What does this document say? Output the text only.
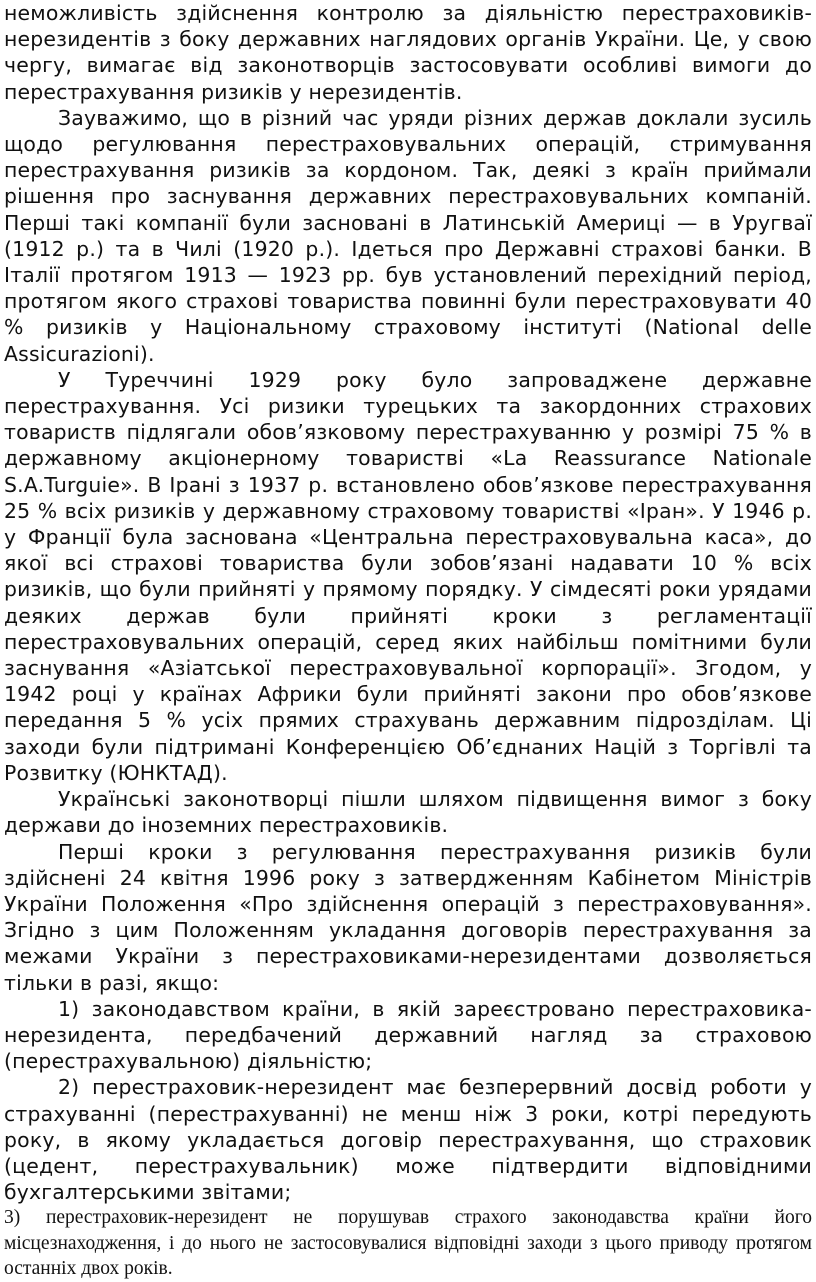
неможливість здійснення контролю за діяльністю перестраховиків-нерезидентів з боку державних наглядових органів України. Це, у свою чергу, вимагає від законотворців застосовувати особливі вимоги до перестрахування ризиків у нерезидентів.

Зауважимо, що в різний час уряди різних держав доклали зусиль щодо регулювання перестраховувальних операцій, стримування перестрахування ризиків за кордоном. Так, деякі з країн приймали рішення про заснування державних перестраховувальних компаній. Перші такі компанії були засновані в Латинській Америці — в Уругваї (1912 р.) та в Чилі (1920 р.). Ідеться про Державні страхові банки. В Італії протягом 1913 — 1923 рр. був установлений перехідний період, протягом якого страхові товариства повинні були перестраховувати 40 % ризиків у Національному страховому інституті (National delle Assicurazioni).

У Туреччині 1929 року було запроваджене державне перестрахування. Усі ризики турецьких та закордонних страхових товариств підлягали обов’язковому перестрахуванню у розмірі 75 % в державному акціонерному товаристві «La Reassurance Nationale S.A.Turguie». В Ірані з 1937 р. встановлено обов’язкове перестрахування 25 % всіх ризиків у державному страховому товаристві «Іран». У 1946 р. у Франції була заснована «Центральна перестраховувальна каса», до якої всі страхові товариства були зобов’язані надавати 10 % всіх ризиків, що були прийняті у прямому порядку. У сімдесяті роки урядами деяких держав були прийняті кроки з регламентації перестраховувальних операцій, серед яких найбільш помітними були заснування «Азіатської перестраховувальної корпорації». Згодом, у 1942 році у країнах Африки були прийняті закони про обов’язкове передання 5 % усіх прямих страхувань державним підрозділам. Ці заходи були підтримані Конференцією Об’єднаних Націй з Торгівлі та Розвитку (ЮНКТАД).

Українські законотворці пішли шляхом підвищення вимог з боку держави до іноземних перестраховиків.

Перші кроки з регулювання перестрахування ризиків були здійснені 24 квітня 1996 року з затвердженням Кабінетом Міністрів України Положення «Про здійснення операцій з перестраховування». Згідно з цим Положенням укладання договорів перестрахування за межами України з перестраховиками-нерезидентами дозволяється тільки в разі, якщо:

1) законодавством країни, в якій зареєстровано перестраховика-нерезидента, передбачений державний нагляд за страховою (перестрахувальною) діяльністю;

2) перестраховик-нерезидент має безперервний досвід роботи у страхуванні (перестрахуванні) не менш ніж 3 роки, котрі передують року, в якому укладається договір перестрахування, що страховик (цедент, перестрахувальник) може підтвердити відповідними бухгалтерськими звітами;

3) перестраховик-нерезидент не порушував страхого законодавства країни його місцезнаходження, і до нього не застосовувалися відповідні заходи з цього приводу протягом останніх двох років.
